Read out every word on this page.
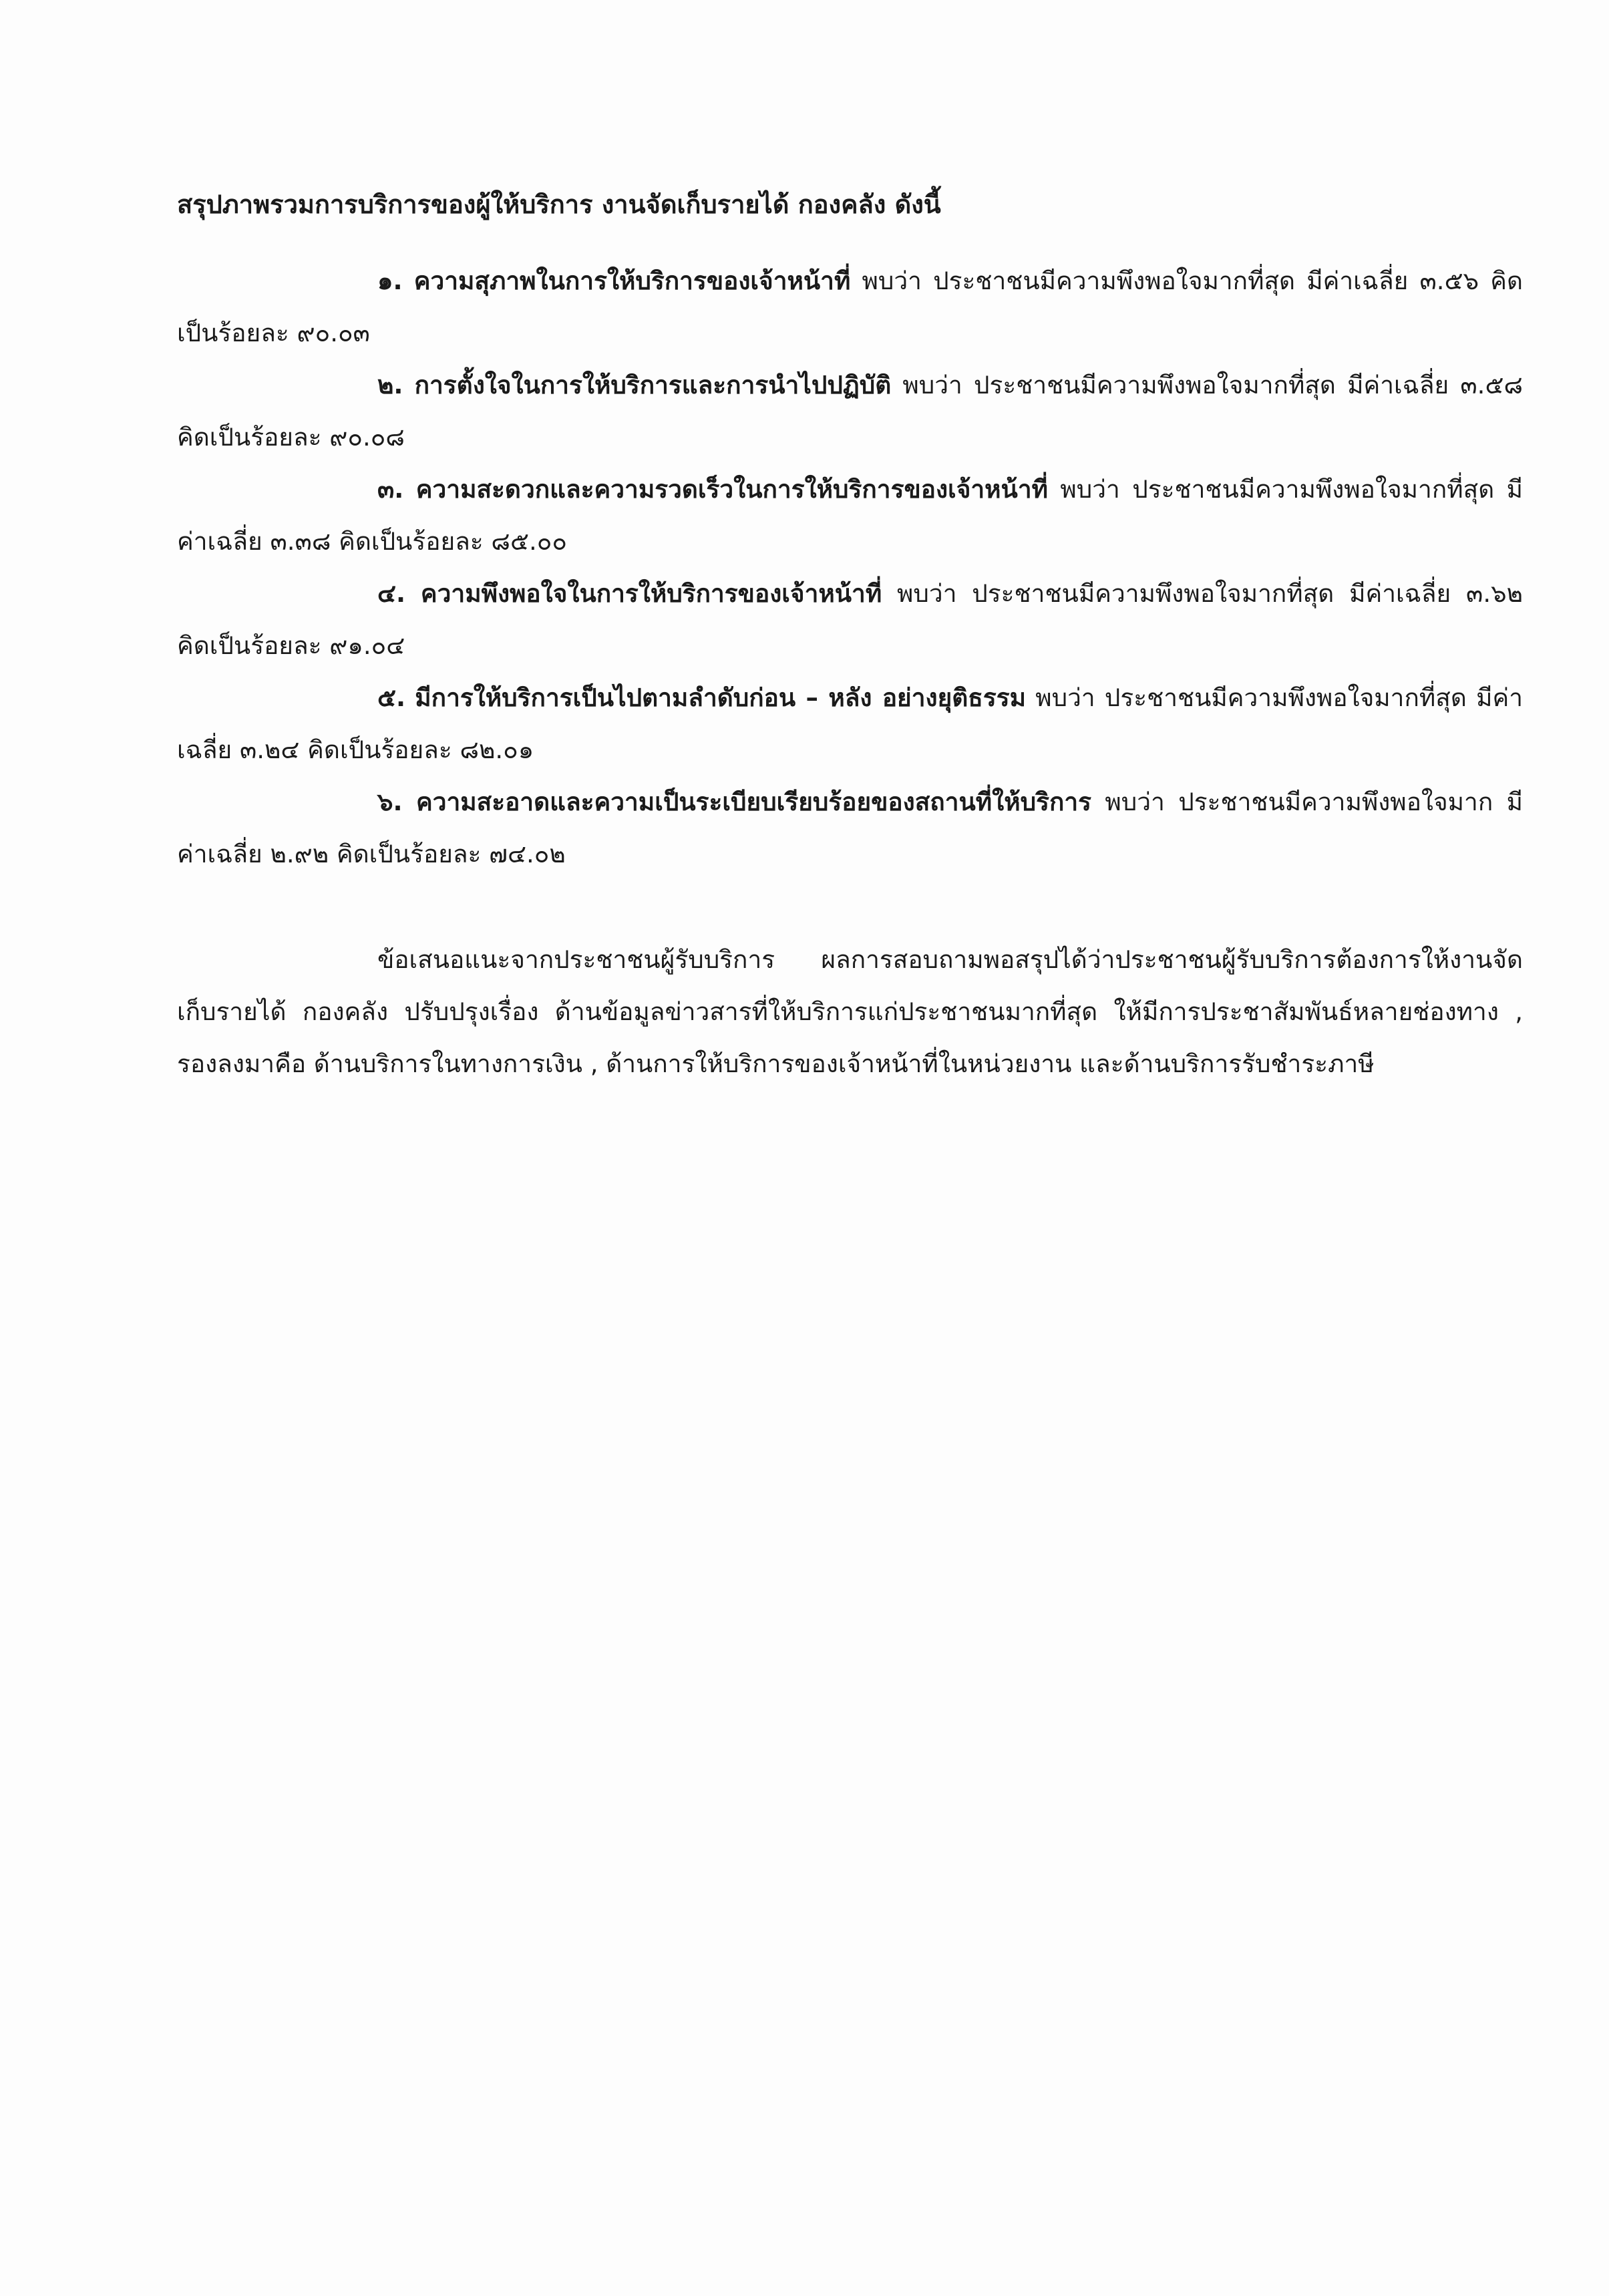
สรุปภาพรวมการบริการของผู้ให้บริการ งานจัดเก็บรายได้ กองคลัง ดังนี้

๑. ความสุภาพในการให้บริการของเจ้าหน้าที่ พบว่า ประชาชนมีความพึงพอใจมากที่สุด มีค่าเฉลี่ย ๓.๕๖ คิดเป็นร้อยละ ๙๐.๐๓

๒. การตั้งใจในการให้บริการและการนำไปปฏิบัติ พบว่า ประชาชนมีความพึงพอใจมากที่สุด มีค่าเฉลี่ย ๓.๕๘ คิดเป็นร้อยละ ๙๐.๐๘

๓. ความสะดวกและความรวดเร็วในการให้บริการของเจ้าหน้าที่ พบว่า ประชาชนมีความพึงพอใจมากที่สุด มีค่าเฉลี่ย ๓.๓๘ คิดเป็นร้อยละ ๘๕.๐๐

๔. ความพึงพอใจในการให้บริการของเจ้าหน้าที่ พบว่า ประชาชนมีความพึงพอใจมากที่สุด มีค่าเฉลี่ย ๓.๖๒ คิดเป็นร้อยละ ๙๑.๐๔

๕. มีการให้บริการเป็นไปตามลำดับก่อน – หลัง อย่างยุติธรรม พบว่า ประชาชนมีความพึงพอใจมากที่สุด มีค่าเฉลี่ย ๓.๒๔ คิดเป็นร้อยละ ๘๒.๐๑

๖. ความสะอาดและความเป็นระเบียบเรียบร้อยของสถานที่ให้บริการ พบว่า ประชาชนมีความพึงพอใจมาก มีค่าเฉลี่ย ๒.๙๒ คิดเป็นร้อยละ ๗๔.๐๒

ข้อเสนอแนะจากประชาชนผู้รับบริการ ผลการสอบถามพอสรุปได้ว่าประชาชนผู้รับบริการต้องการให้งานจัดเก็บรายได้ กองคลัง ปรับปรุงเรื่อง ด้านข้อมูลข่าวสารที่ให้บริการแก่ประชาชนมากที่สุด ให้มีการประชาสัมพันธ์หลายช่องทาง , รองลงมาคือ ด้านบริการในทางการเงิน , ด้านการให้บริการของเจ้าหน้าที่ในหน่วยงาน และด้านบริการรับชำระภาษี
